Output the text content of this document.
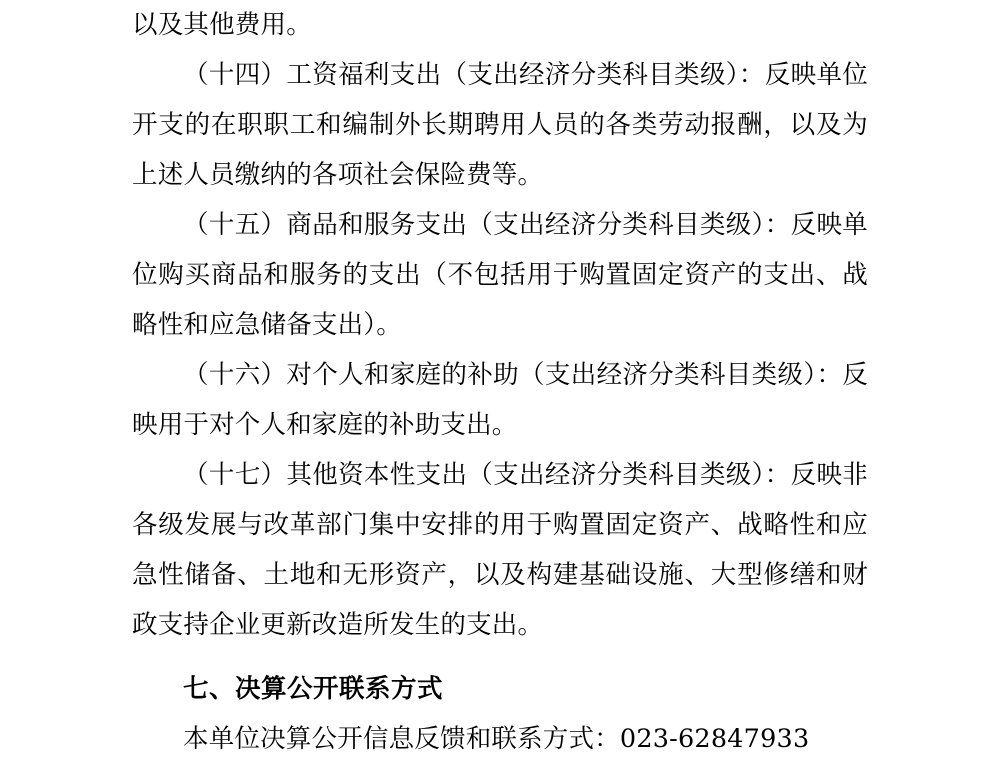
以及其他费用。

（十四）工资福利支出（支出经济分类科目类级）：反映单位开支的在职职工和编制外长期聘用人员的各类劳动报酬，以及为上述人员缴纳的各项社会保险费等。

（十五）商品和服务支出（支出经济分类科目类级）：反映单位购买商品和服务的支出（不包括用于购置固定资产的支出、战略性和应急储备支出）。

（十六）对个人和家庭的补助（支出经济分类科目类级）：反映用于对个人和家庭的补助支出。

（十七）其他资本性支出（支出经济分类科目类级）：反映非各级发展与改革部门集中安排的用于购置固定资产、战略性和应急性储备、土地和无形资产，以及构建基础设施、大型修缮和财政支持企业更新改造所发生的支出。

七、决算公开联系方式

本单位决算公开信息反馈和联系方式：023-62847933
